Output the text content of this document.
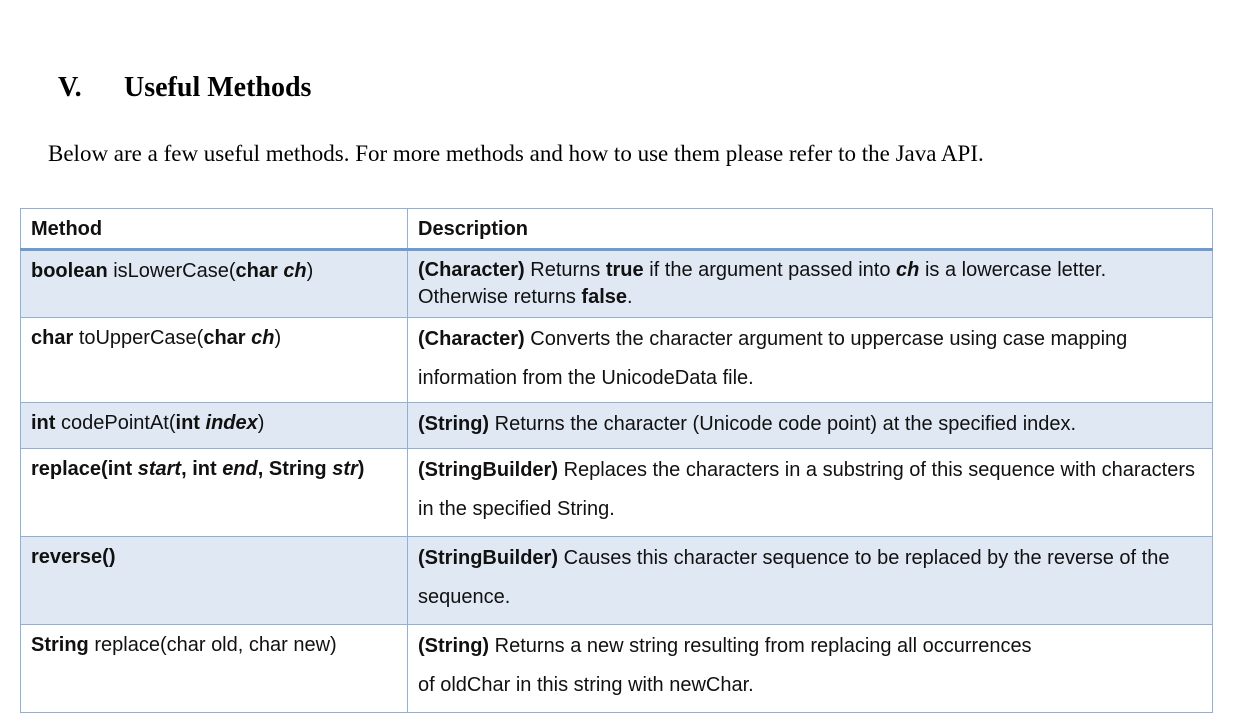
V. Useful Methods
Below are a few useful methods. For more methods and how to use them please refer to the Java API.
Method	Description
boolean isLowerCase(char ch)	(Character) Returns true if the argument passed into ch is a lowercase letter.
Otherwise returns false.
char toUpperCase(char ch)	(Character) Converts the character argument to uppercase using case mapping information from the UnicodeData file.
int codePointAt(int index)	(String) Returns the character (Unicode code point) at the specified index.
replace(int start, int end, String str)	(StringBuilder) Replaces the characters in a substring of this sequence with characters in the specified String.
reverse()	(StringBuilder) Causes this character sequence to be replaced by the reverse of the sequence.
String replace(char old, char new)	(String) Returns a new string resulting from replacing all occurrences
of oldChar in this string with newChar.
